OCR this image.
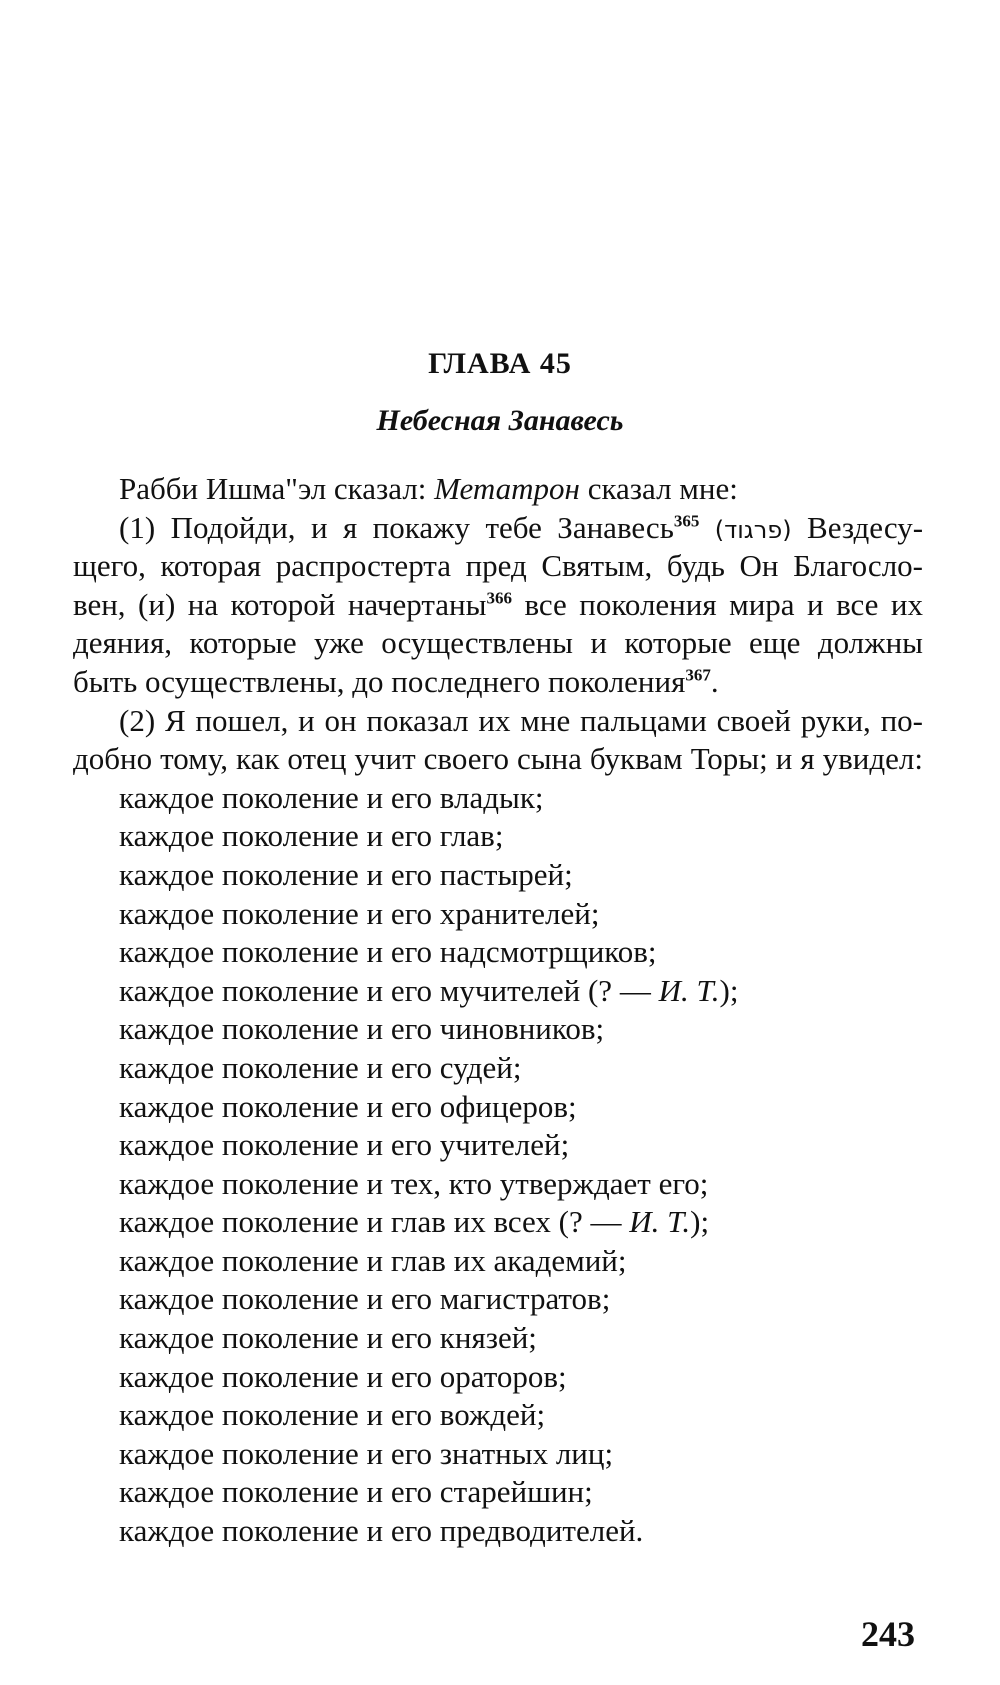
ГЛАВА 45
Небесная Занавесь
Рабби Ишма"эл сказал: Метатрон сказал мне:
(1) Подойди, и я покажу тебе Занавесь$^{365}$ (פרגוד) Вездесу-
щего, которая распростерта пред Святым, будь Он Благосло-
вен, (и) на которой начертаны$^{366}$ все поколения мира и все их
деяния, которые уже осуществлены и которые еще должны
быть осуществлены, до последнего поколения$^{367}$.
(2) Я пошел, и он показал их мне пальцами своей руки, по-
добно тому, как отец учит своего сына буквам Торы; и я увидел:
каждое поколение и его владык;
каждое поколение и его глав;
каждое поколение и его пастырей;
каждое поколение и его хранителей;
каждое поколение и его надсмотрщиков;
каждое поколение и его мучителей (? — И. Т.);
каждое поколение и его чиновников;
каждое поколение и его судей;
каждое поколение и его офицеров;
каждое поколение и его учителей;
каждое поколение и тех, кто утверждает его;
каждое поколение и глав их всех (? — И. Т.);
каждое поколение и глав их академий;
каждое поколение и его магистратов;
каждое поколение и его князей;
каждое поколение и его ораторов;
каждое поколение и его вождей;
каждое поколение и его знатных лиц;
каждое поколение и его старейшин;
каждое поколение и его предводителей.
243
